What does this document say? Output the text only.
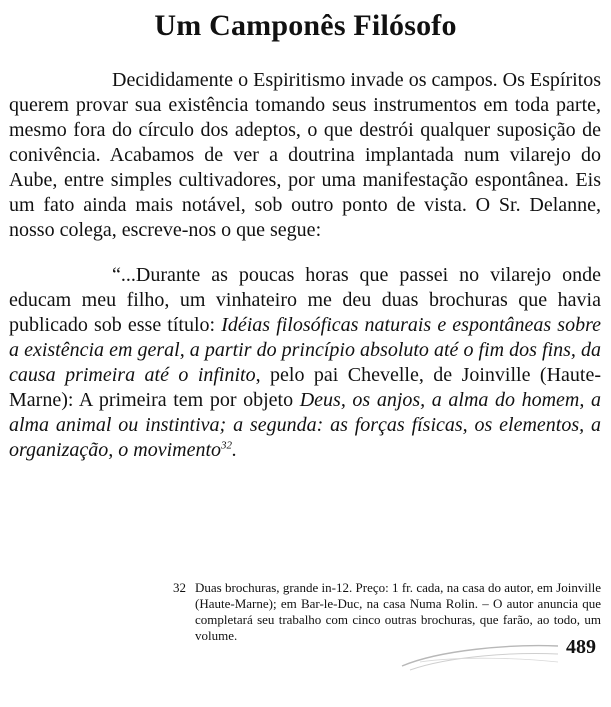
Um Camponês Filósofo

Decididamente o Espiritismo invade os campos. Os Espíritos querem provar sua existência tomando seus instrumentos em toda parte, mesmo fora do círculo dos adeptos, o que destrói qualquer suposição de conivência. Acabamos de ver a doutrina implantada num vilarejo do Aube, entre simples cultivadores, por uma manifestação espontânea. Eis um fato ainda mais notável, sob outro ponto de vista. O Sr. Delanne, nosso colega, escreve-nos o que segue:

“...Durante as poucas horas que passei no vilarejo onde educam meu filho, um vinhateiro me deu duas brochuras que havia publicado sob esse título: Idéias filosóficas naturais e espontâneas sobre a existência em geral, a partir do princípio absoluto até o fim dos fins, da causa primeira até o infinito, pelo pai Chevelle, de Joinville (Haute-Marne): A primeira tem por objeto Deus, os anjos, a alma do homem, a alma animal ou instintiva; a segunda: as forças físicas, os elementos, a organização, o movimento$^{32}$.

32 Duas brochuras, grande in-12. Preço: 1 fr. cada, na casa do autor, em Joinville (Haute-Marne); em Bar-le-Duc, na casa Numa Rolin. – O autor anuncia que completará seu trabalho com cinco outras brochuras, que farão, ao todo, um volume.
489
